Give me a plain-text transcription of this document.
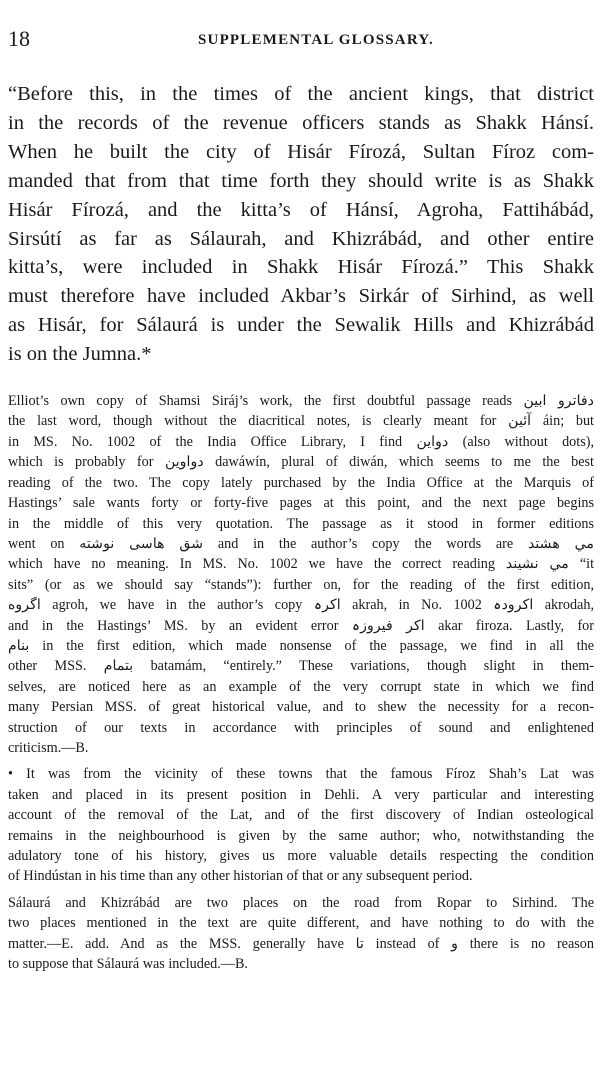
18	SUPPLEMENTAL GLOSSARY.

“Before this, in the times of the ancient kings, that district
in the records of the revenue officers stands as Shakk Hánsí.
When he built the city of Hisár Fírozá, Sultan Fíroz com-
manded that from that time forth they should write is as Shakk
Hisár Fírozá, and the kitta’s of Hánsí, Agroha, Fattihábád,
Sirsútí as far as Sálaurah, and Khizrábád, and other entire
kitta’s, were included in Shakk Hisár Fírozá.” This Shakk
must therefore have included Akbar’s Sirkár of Sirhind, as well
as Hisár, for Sálaurá is under the Sewalik Hills and Khizrábád
is on the Jumna.*

Elliot’s own copy of Shamsi Siráj’s work, the first doubtful passage reads دفاترو ابین
the last word, though without the diacritical notes, is clearly meant for آئین áin; but
in MS. No. 1002 of the India Office Library, I find دواین (also without dots),
which is probably for دواوین dawáwín, plural of diwán, which seems to me the best
reading of the two. The copy lately purchased by the India Office at the Marquis of
Hastings’ sale wants forty or forty-five pages at this point, and the next page begins
in the middle of this very quotation. The passage as it stood in former editions
went on شق هاسی نوشته and in the author’s copy the words are مي هشتد
which have no meaning. In MS. No. 1002 we have the correct reading مي نشيند “it
sits” (or as we should say “stands”): further on, for the reading of the first edition,
اگروه agroh, we have in the author’s copy اکرہ akrah, in No. 1002 اکرودہ akrodah,
and in the Hastings’ MS. by an evident error اکر فیروزہ akar firoza. Lastly, for
بنام in the first edition, which made nonsense of the passage, we find in all the
other MSS. بتمام batamám, “entirely.” These variations, though slight in them-
selves, are noticed here as an example of the very corrupt state in which we find
many Persian MSS. of great historical value, and to shew the necessity for a recon-
struction of our texts in accordance with principles of sound and enlightened
criticism.—B.
• It was from the vicinity of these towns that the famous Fíroz Shah’s Lat was
taken and placed in its present position in Dehli. A very particular and interesting
account of the removal of the Lat, and of the first discovery of Indian osteological
remains in the neighbourhood is given by the same author; who, notwithstanding the
adulatory tone of his history, gives us more valuable details respecting the condition
of Hindústan in his time than any other historian of that or any subsequent period.
Sálaurá and Khizrábád are two places on the road from Ropar to Sirhind. The
two places mentioned in the text are quite different, and have nothing to do with the
matter.—E. add. And as the MSS. generally have تا instead of و there is no reason
to suppose that Sálaurá was included.—B.
